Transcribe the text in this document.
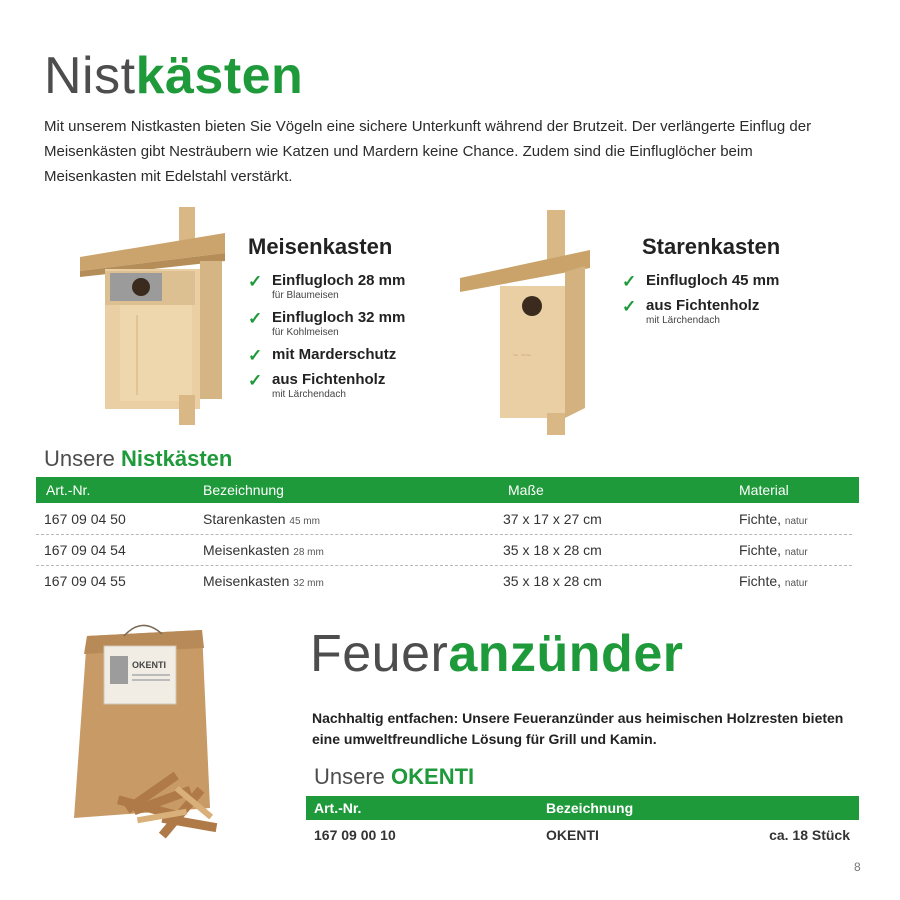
Nistkästen

Mit unserem Nistkasten bieten Sie Vögeln eine sichere Unterkunft während der Brutzeit. Der verlängerte Einflug der Meisenkästen gibt Nesträubern wie Katzen und Mardern keine Chance. Zudem sind die Einfluglöcher beim Meisenkasten mit Edelstahl verstärkt.

Meisenkasten
✓ Einflugloch 28 mm
für Blaumeisen
✓ Einflugloch 32 mm
für Kohlmeisen
✓ mit Marderschutz
✓ aus Fichtenholz
mit Lärchendach
~ ~~
Starenkasten
✓ Einflugloch 45 mm
✓ aus Fichtenholz
mit Lärchendach
Unsere Nistkästen
Art.-Nr.	Bezeichnung	Maße	Material
167 09 04 50	Starenkasten 45 mm	37 x 17 x 27 cm	Fichte, natur
167 09 04 54	Meisenkasten 28 mm	35 x 18 x 28 cm	Fichte, natur
167 09 04 55	Meisenkasten 32 mm	35 x 18 x 28 cm	Fichte, natur
OKENTI	Feueranzünder

Nachhaltig entfachen: Unsere Feueranzünder aus heimischen Holzresten bieten eine umweltfreundliche Lösung für Grill und Kamin.

Unsere OKENTI
Art.-Nr.	Bezeichnung
167 09 00 10	OKENTI	ca. 18 Stück
8
